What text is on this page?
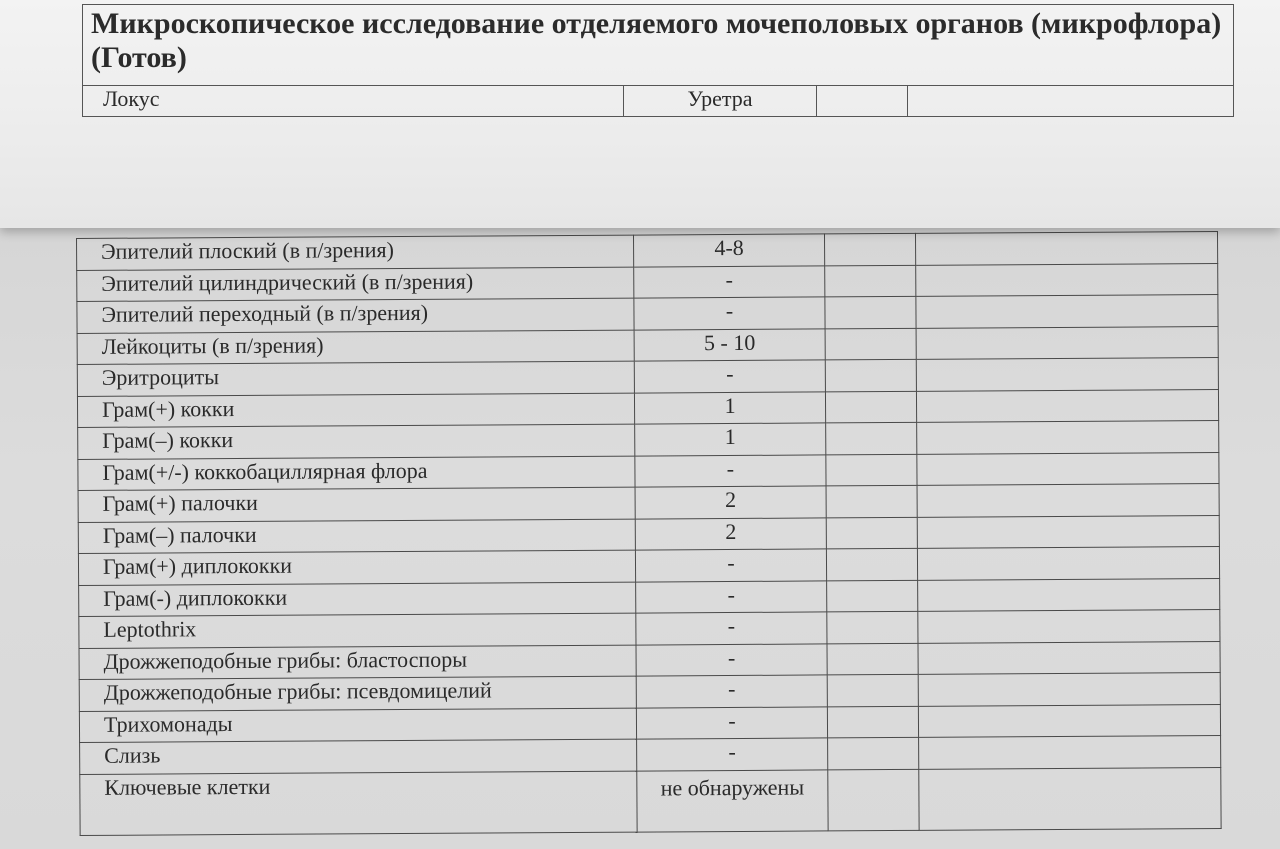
Микроскопическое исследование отделяемого мочеполовых органов (микрофлора) (Готов)
Локус	Уретра		
Эпителий плоский (в п/зрения)	4-8		
Эпителий цилиндрический (в п/зрения)	-		
Эпителий переходный (в п/зрения)	-		
Лейкоциты (в п/зрения)	5 - 10		
Эритроциты	-		
Грам(+) кокки	1		
Грам(–) кокки	1		
Грам(+/-) коккобациллярная флора	-		
Грам(+) палочки	2		
Грам(–) палочки	2		
Грам(+) диплококки	-		
Грам(-) диплококки	-		
Leptothrix	-		
Дрожжеподобные грибы: бластоспоры	-		
Дрожжеподобные грибы: псевдомицелий	-		
Трихомонады	-		
Слизь	-		
Ключевые клетки	не обнаружены		
